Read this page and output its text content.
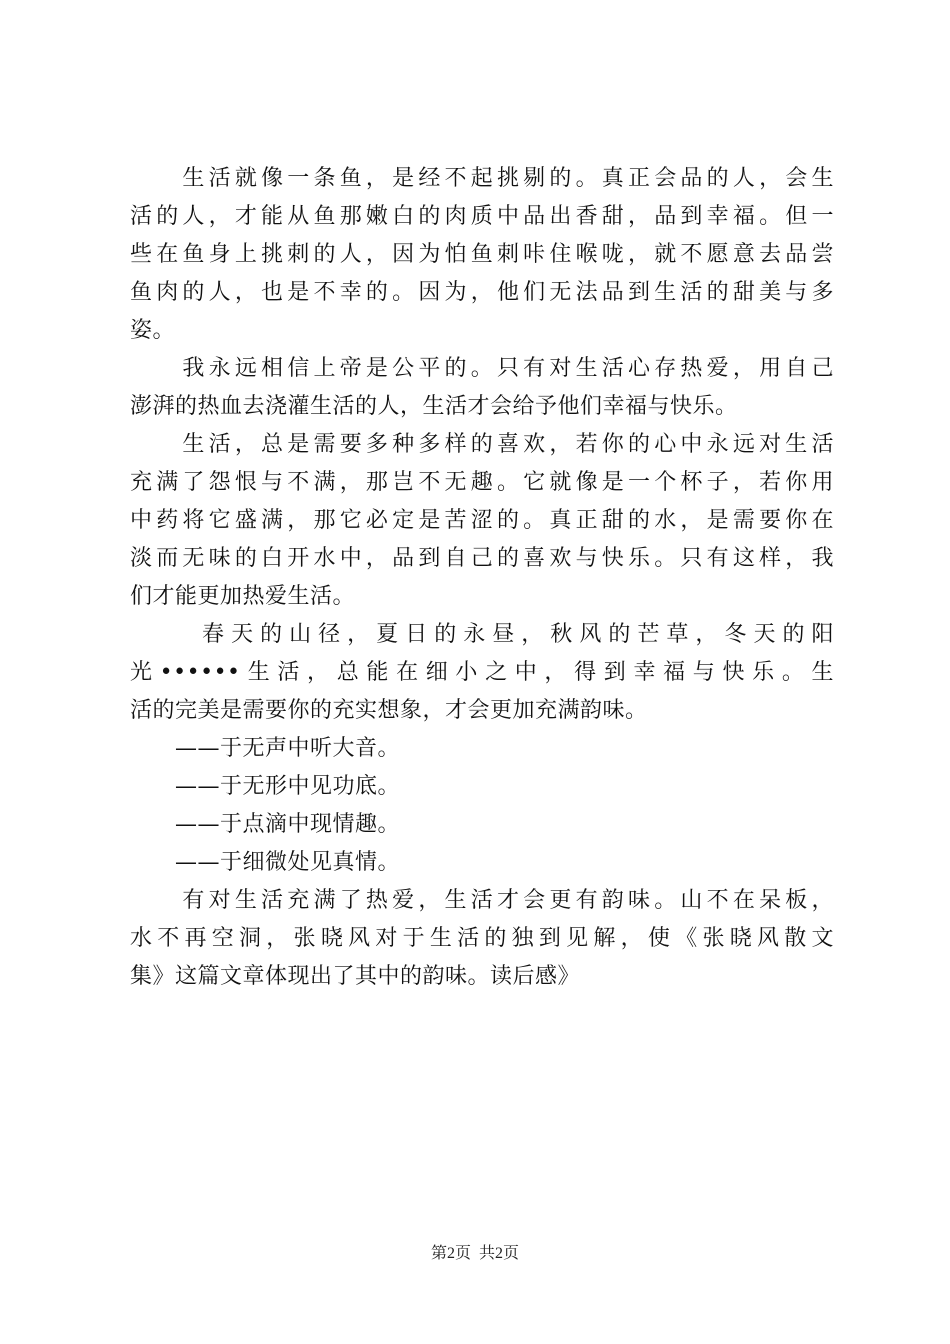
　　生活就像一条鱼，是经不起挑剔的。真正会品的人，会生
活的人，才能从鱼那嫩白的肉质中品出香甜，品到幸福。但一
些在鱼身上挑刺的人，因为怕鱼刺咔住喉咙，就不愿意去品尝
鱼肉的人，也是不幸的。因为，他们无法品到生活的甜美与多
姿。
　　我永远相信上帝是公平的。只有对生活心存热爱，用自己
澎湃的热血去浇灌生活的人，生活才会给予他们幸福与快乐。
　　生活，总是需要多种多样的喜欢，若你的心中永远对生活
充满了怨恨与不满，那岂不无趣。它就像是一个杯子，若你用
中药将它盛满，那它必定是苦涩的。真正甜的水，是需要你在
淡而无味的白开水中，品到自己的喜欢与快乐。只有这样，我
们才能更加热爱生活。
　　 春天的山径，夏日的永昼，秋风的芒草，冬天的阳
光••••••生活，总能在细小之中，得到幸福与快乐。生
活的完美是需要你的充实想象，才会更加充满韵味。
　　——于无声中听大音。
　　——于无形中见功底。
　　——于点滴中现情趣。
　　——于细微处见真情。
　　有对生活充满了热爱，生活才会更有韵味。山不在呆板，
水不再空洞，张晓风对于生活的独到见解，使《张晓风散文
集》这篇文章体现出了其中的韵味。读后感》
第2页 共2页
